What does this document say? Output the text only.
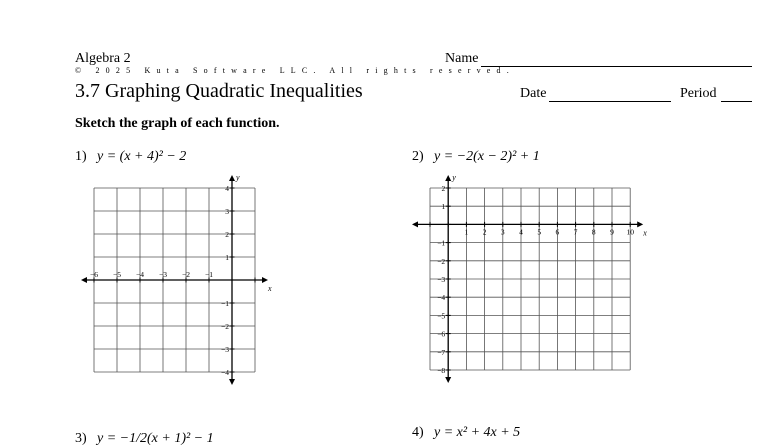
Algebra 2	Name
© 2025 Kuta Software LLC. All rights reserved.
3.7 Graphing Quadratic Inequalities	Date	Period
Sketch the graph of each function.
1) y = (x + 4)² − 2
−6 −5 −4 −3 −2 −1
4
3
2
1
−1
−2
−3
−4
x
y
2) y = −2(x − 2)² + 1
1 2 3 4 5 6 7 8 9 10
2
1
−1
−2
−3
−4
−5
−6
−7
−8
x
y
3) y = −1/2(x + 1)² − 1	4) y = x² + 4x + 5
